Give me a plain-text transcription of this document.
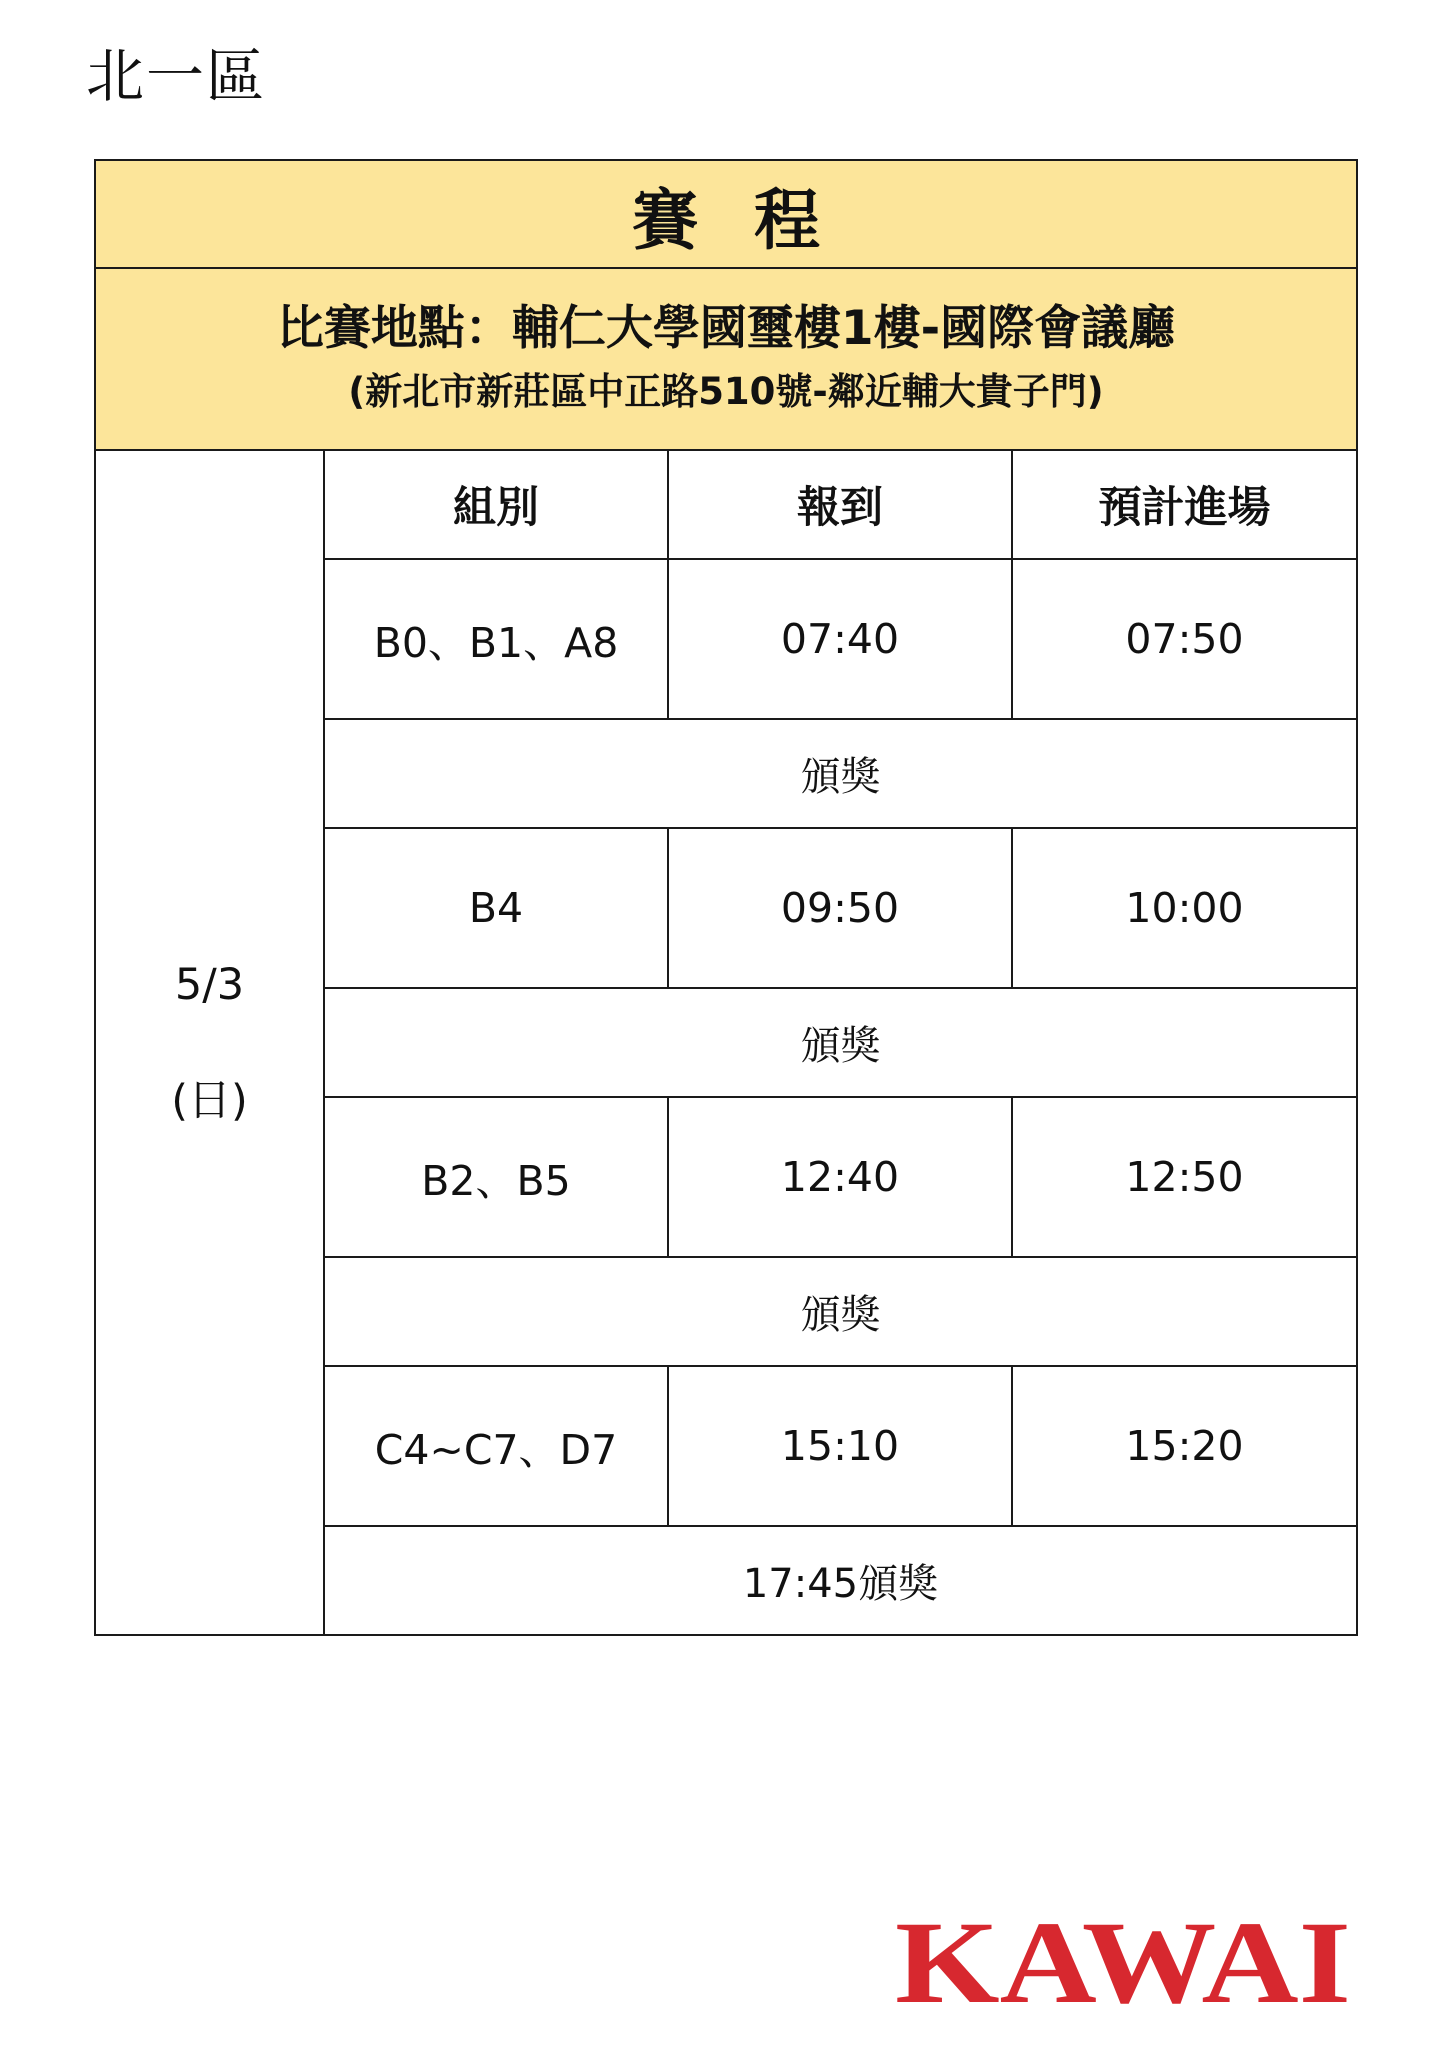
北一區
賽程			

比賽地點：輔仁大學國璽樓1樓-國際會議廳
(新北市新莊區中正路510號-鄰近輔大貴子門)			

5/3
(日)	組別	報到	預計進場
	B0、B1、A8	07:40	07:50
	頒獎		
	B4	09:50	10:00
	頒獎		
	B2、B5	12:40	12:50
	頒獎		
	C4~C7、D7	15:10	15:20
	17:45頒獎		
KAWAI
